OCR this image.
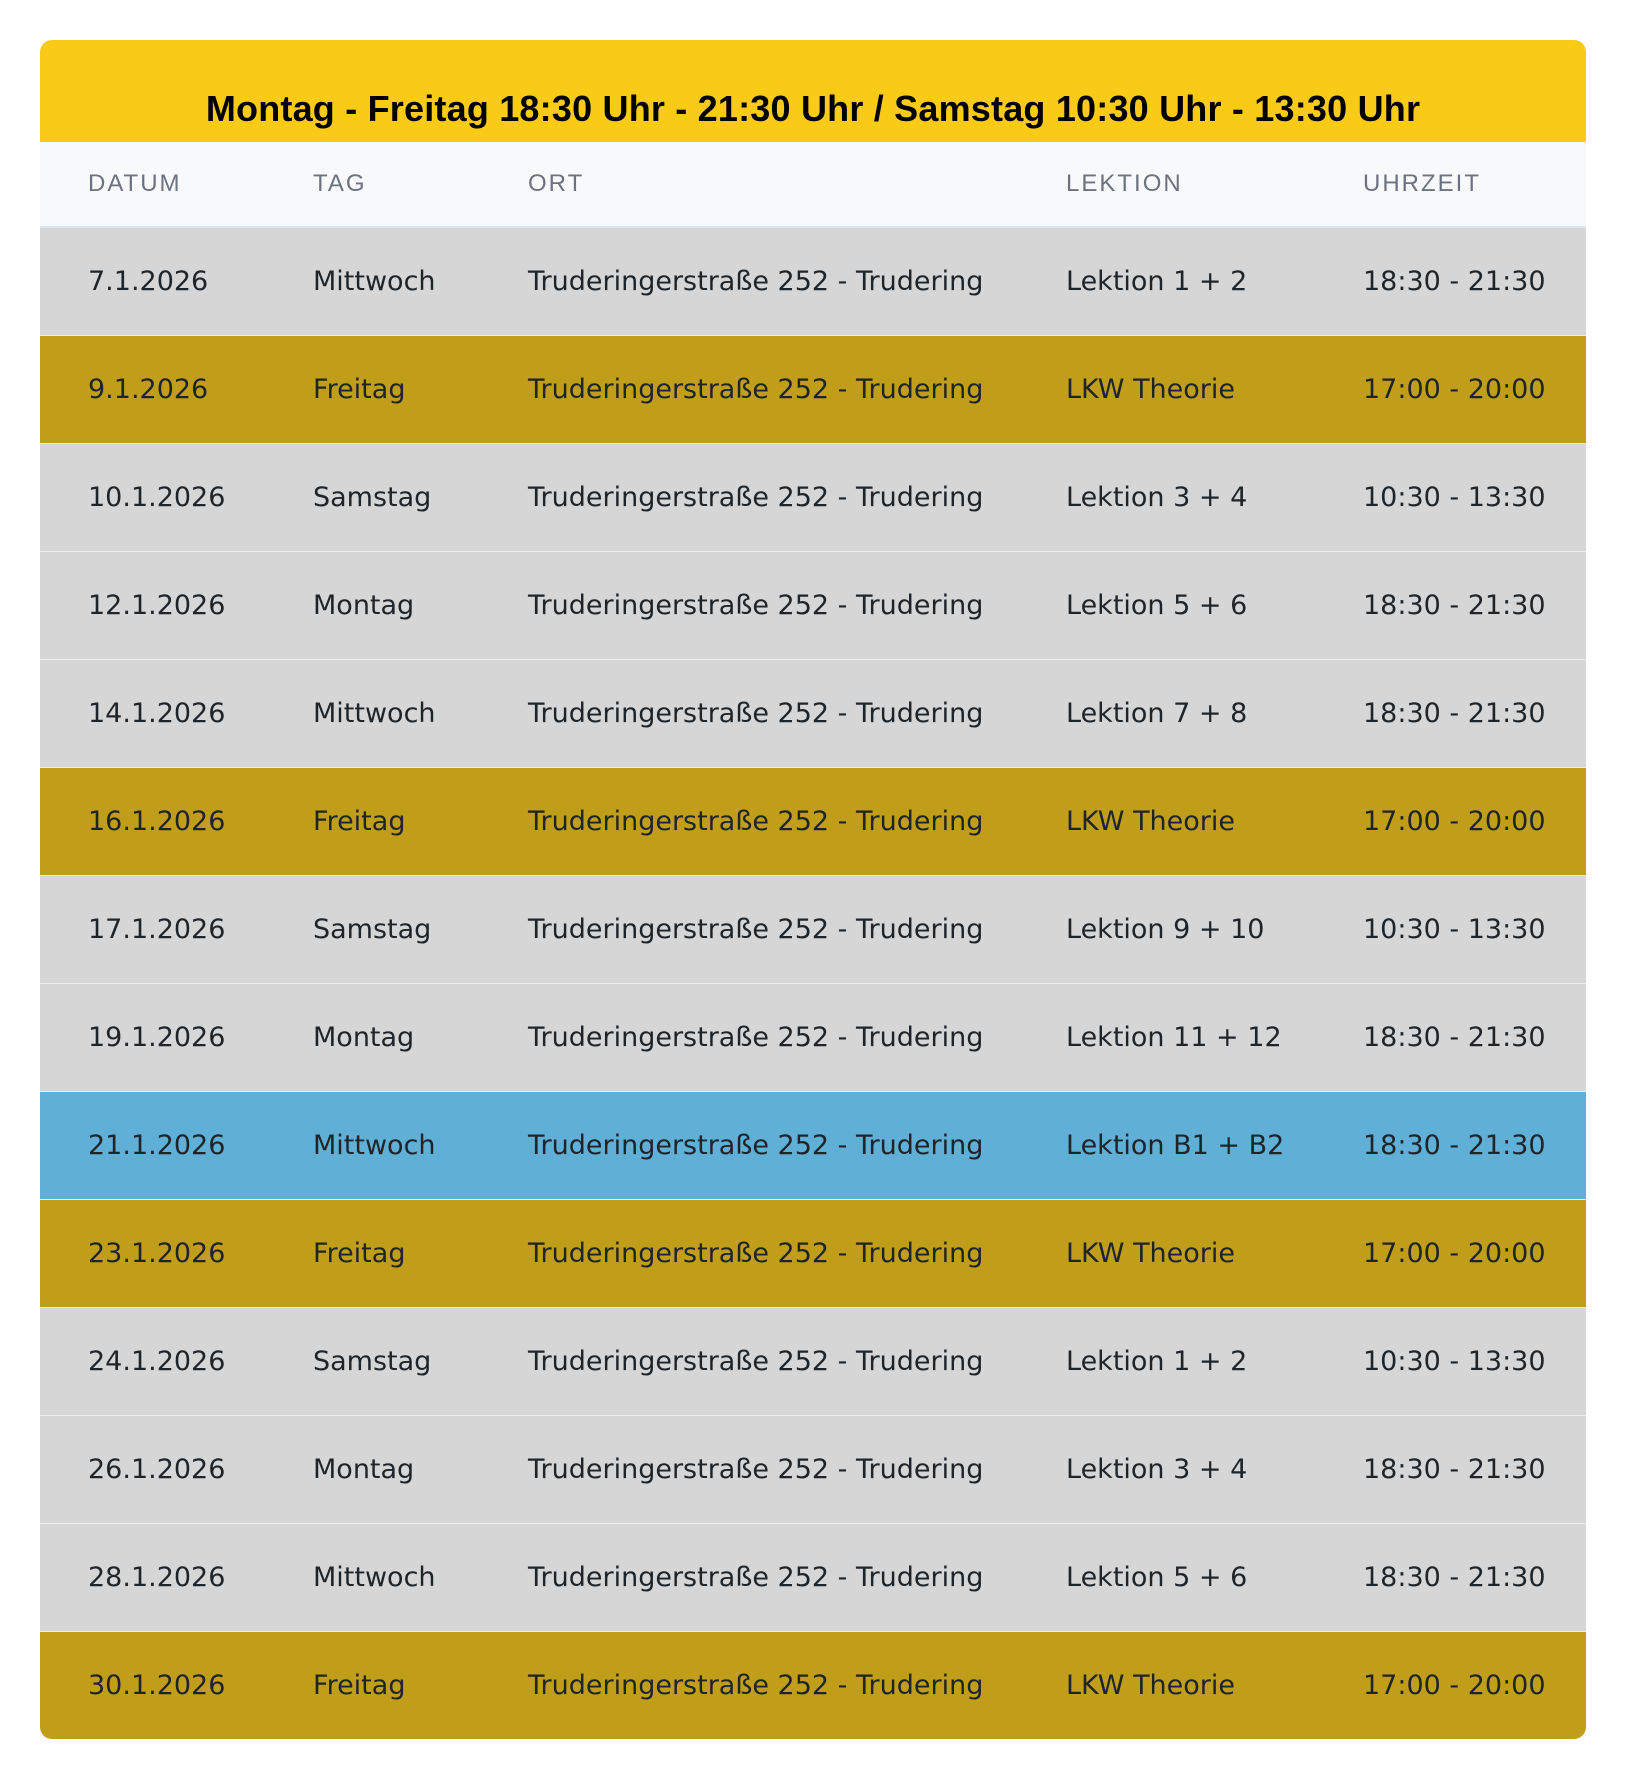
Montag - Freitag 18:30 Uhr - 21:30 Uhr / Samstag 10:30 Uhr - 13:30 Uhr
DATUM	TAG	ORT	LEKTION	UHRZEIT
7.1.2026	Mittwoch	Truderingerstraße 252 - Trudering	Lektion 1 + 2	18:30 - 21:30
9.1.2026	Freitag	Truderingerstraße 252 - Trudering	LKW Theorie	17:00 - 20:00
10.1.2026	Samstag	Truderingerstraße 252 - Trudering	Lektion 3 + 4	10:30 - 13:30
12.1.2026	Montag	Truderingerstraße 252 - Trudering	Lektion 5 + 6	18:30 - 21:30
14.1.2026	Mittwoch	Truderingerstraße 252 - Trudering	Lektion 7 + 8	18:30 - 21:30
16.1.2026	Freitag	Truderingerstraße 252 - Trudering	LKW Theorie	17:00 - 20:00
17.1.2026	Samstag	Truderingerstraße 252 - Trudering	Lektion 9 + 10	10:30 - 13:30
19.1.2026	Montag	Truderingerstraße 252 - Trudering	Lektion 11 + 12	18:30 - 21:30
21.1.2026	Mittwoch	Truderingerstraße 252 - Trudering	Lektion B1 + B2	18:30 - 21:30
23.1.2026	Freitag	Truderingerstraße 252 - Trudering	LKW Theorie	17:00 - 20:00
24.1.2026	Samstag	Truderingerstraße 252 - Trudering	Lektion 1 + 2	10:30 - 13:30
26.1.2026	Montag	Truderingerstraße 252 - Trudering	Lektion 3 + 4	18:30 - 21:30
28.1.2026	Mittwoch	Truderingerstraße 252 - Trudering	Lektion 5 + 6	18:30 - 21:30
30.1.2026	Freitag	Truderingerstraße 252 - Trudering	LKW Theorie	17:00 - 20:00
